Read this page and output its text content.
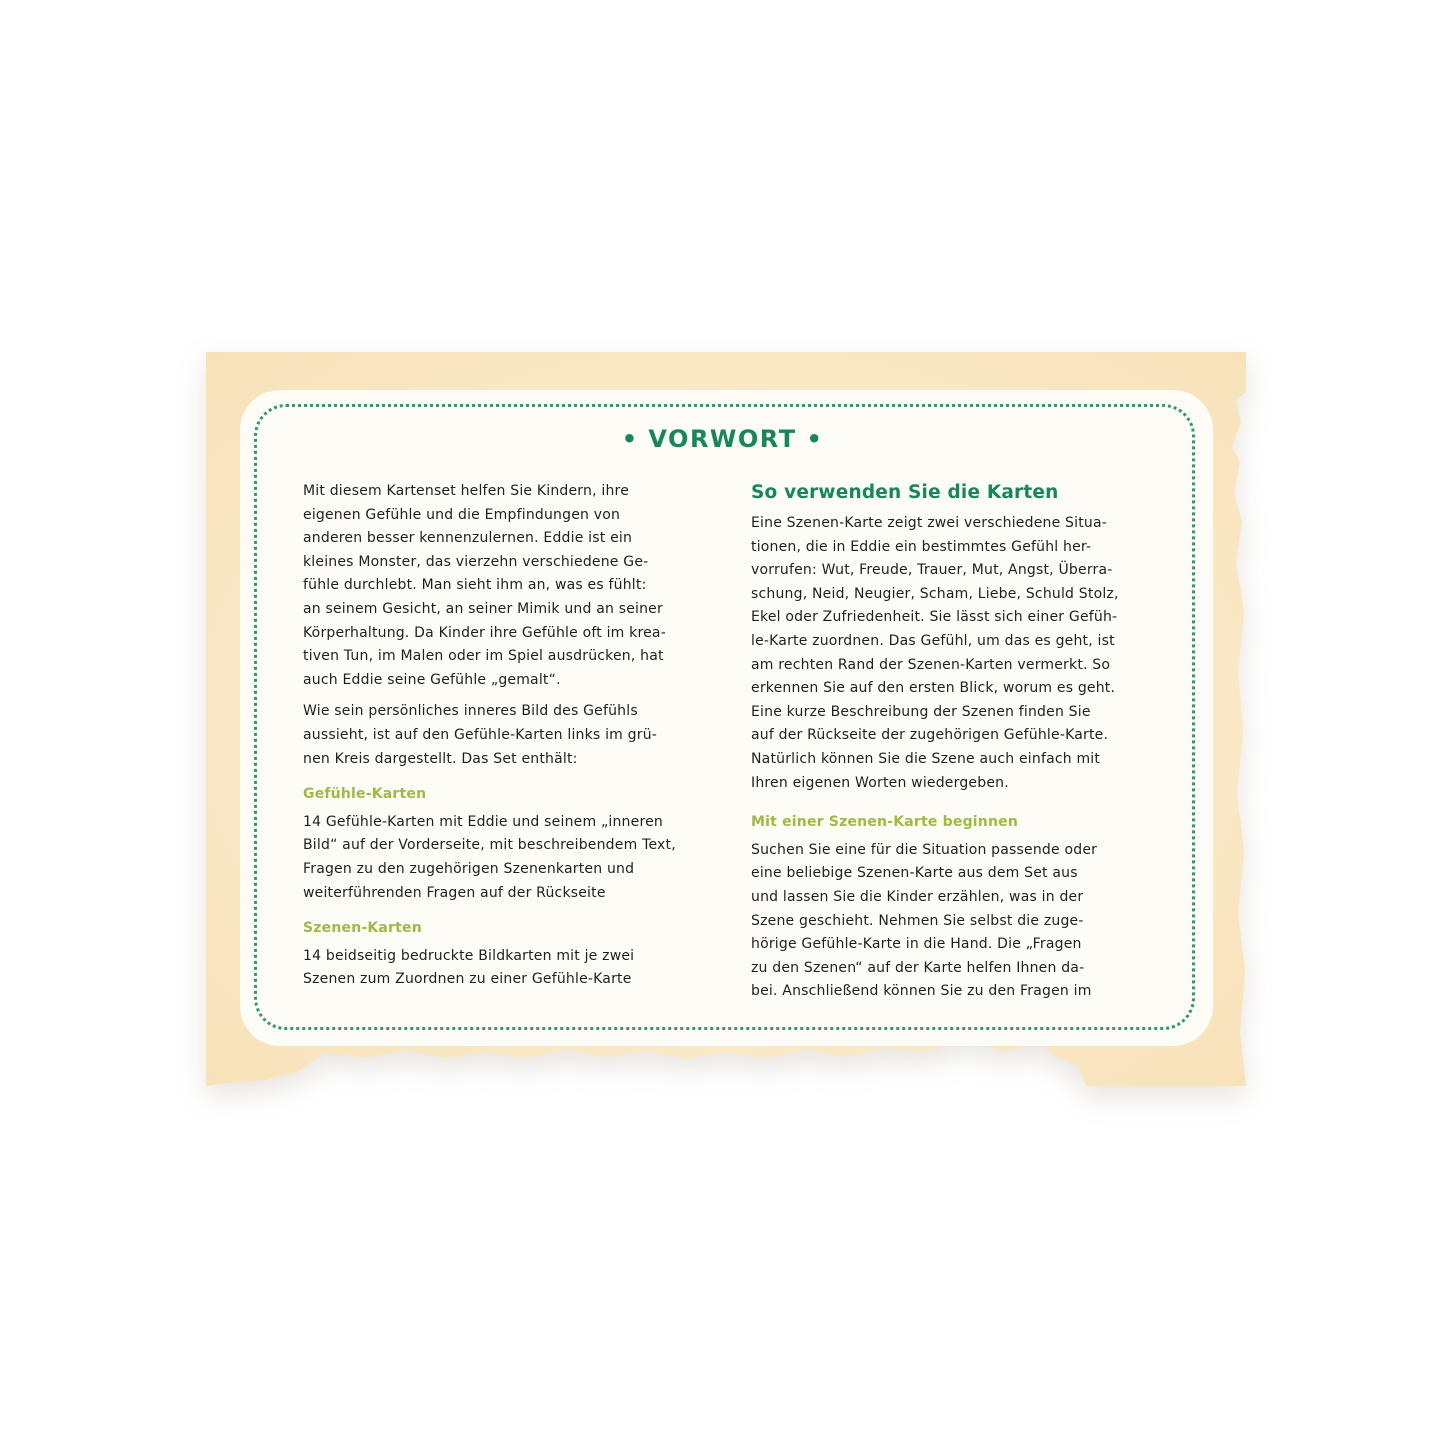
• VORWORT •

Mit diesem Kartenset helfen Sie Kindern, ihre
eigenen Gefühle und die Empfindungen von
anderen besser kennenzulernen. Eddie ist ein
kleines Monster, das vierzehn verschiedene Ge-
fühle durchlebt. Man sieht ihm an, was es fühlt:
an seinem Gesicht, an seiner Mimik und an seiner
Körperhaltung. Da Kinder ihre Gefühle oft im krea-
tiven Tun, im Malen oder im Spiel ausdrücken, hat
auch Eddie seine Gefühle „gemalt“.

Wie sein persönliches inneres Bild des Gefühls
aussieht, ist auf den Gefühle-Karten links im grü-
nen Kreis dargestellt. Das Set enthält:

Gefühle-Karten

14 Gefühle-Karten mit Eddie und seinem „inneren
Bild“ auf der Vorderseite, mit beschreibendem Text,
Fragen zu den zugehörigen Szenenkarten und
weiterführenden Fragen auf der Rückseite

Szenen-Karten

14 beidseitig bedruckte Bildkarten mit je zwei
Szenen zum Zuordnen zu einer Gefühle-Karte

So verwenden Sie die Karten

Eine Szenen-Karte zeigt zwei verschiedene Situa-
tionen, die in Eddie ein bestimmtes Gefühl her-
vorrufen: Wut, Freude, Trauer, Mut, Angst, Überra-
schung, Neid, Neugier, Scham, Liebe, Schuld Stolz,
Ekel oder Zufriedenheit. Sie lässt sich einer Gefüh-
le-Karte zuordnen. Das Gefühl, um das es geht, ist
am rechten Rand der Szenen-Karten vermerkt. So
erkennen Sie auf den ersten Blick, worum es geht.
Eine kurze Beschreibung der Szenen finden Sie
auf der Rückseite der zugehörigen Gefühle-Karte.
Natürlich können Sie die Szene auch einfach mit
Ihren eigenen Worten wiedergeben.

Mit einer Szenen-Karte beginnen

Suchen Sie eine für die Situation passende oder
eine beliebige Szenen-Karte aus dem Set aus
und lassen Sie die Kinder erzählen, was in der
Szene geschieht. Nehmen Sie selbst die zuge-
hörige Gefühle-Karte in die Hand. Die „Fragen
zu den Szenen“ auf der Karte helfen Ihnen da-
bei. Anschließend können Sie zu den Fragen im
